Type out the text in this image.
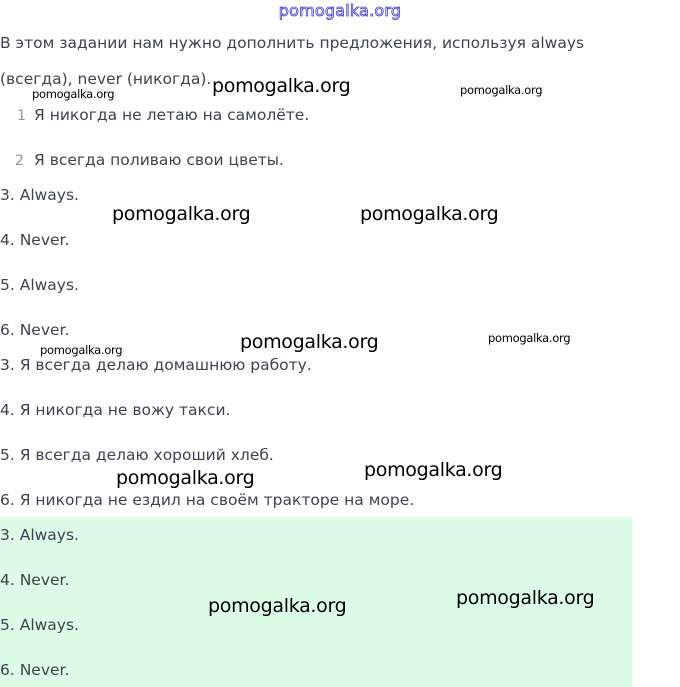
pomogalka.org
В этом задании нам нужно дополнить предложения, используя always
(всегда), never (никогда).
1 Я никогда не летаю на самолёте.
2 Я всегда поливаю свои цветы.
3. Always.
4. Never.
5. Always.
6. Never.
3. Я всегда делаю домашнюю работу.
4. Я никогда не вожу такси.
5. Я всегда делаю хороший хлеб.
6. Я никогда не ездил на своём тракторе на море.
3. Always.
4. Never.
5. Always.
6. Never.
pomogalka.org
pomogalka.org	pomogalka.org
pomogalka.org	pomogalka.org
pomogalka.org
pomogalka.org
pomogalka.org
pomogalka.org	pomogalka.org
pomogalka.org	pomogalka.org
